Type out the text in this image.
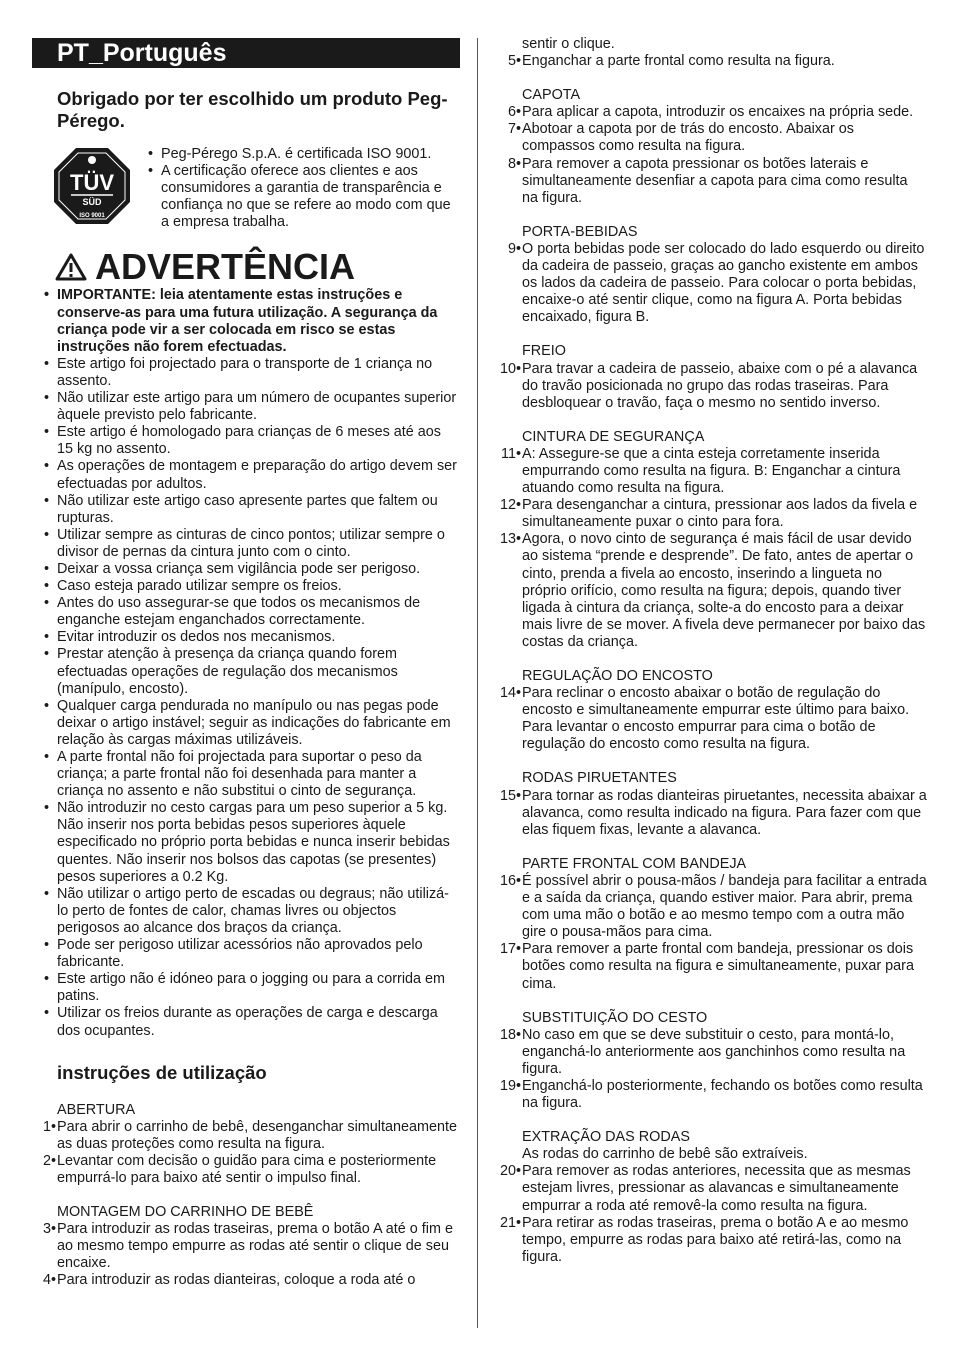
PT_Português
Obrigado por ter escolhido um produto Peg-Pérego.
TÜV
SÜD
ISO 9001
• Peg-Pérego S.p.A. é certificada ISO 9001.
• A certificação oferece aos clientes e aos consumidores a garantia de transparência e confiança no que se refere ao modo com que a empresa trabalha.
ADVERTÊNCIA
• IMPORTANTE: leia atentamente estas instruções e conserve-as para uma futura utilização. A segurança da criança pode vir a ser colocada em risco se estas instruções não forem efectuadas.
• Este artigo foi projectado para o transporte de 1 criança no assento.
• Não utilizar este artigo para um número de ocupantes superior àquele previsto pelo fabricante.
• Este artigo é homologado para crianças de 6 meses até aos 15 kg no assento.
• As operações de montagem e preparação do artigo devem ser efectuadas por adultos.
• Não utilizar este artigo caso apresente partes que faltem ou rupturas.
• Utilizar sempre as cinturas de cinco pontos; utilizar sempre o divisor de pernas da cintura junto com o cinto.
• Deixar a vossa criança sem vigilância pode ser perigoso.
• Caso esteja parado utilizar sempre os freios.
• Antes do uso assegurar-se que todos os mecanismos de enganche estejam enganchados correctamente.
• Evitar introduzir os dedos nos mecanismos.
• Prestar atenção à presença da criança quando forem efectuadas operações de regulação dos mecanismos (manípulo, encosto).
• Qualquer carga pendurada no manípulo ou nas pegas pode deixar o artigo instável; seguir as indicações do fabricante em relação às cargas máximas utilizáveis.
• A parte frontal não foi projectada para suportar o peso da criança; a parte frontal não foi desenhada para manter a criança no assento e não substitui o cinto de segurança.
• Não introduzir no cesto cargas para um peso superior a 5 kg. Não inserir nos porta bebidas pesos superiores àquele especificado no próprio porta bebidas e nunca inserir bebidas quentes. Não inserir nos bolsos das capotas (se presentes) pesos superiores a 0.2 Kg.
• Não utilizar o artigo perto de escadas ou degraus; não utilizá-lo perto de fontes de calor, chamas livres ou objectos perigosos ao alcance dos braços da criança.
• Pode ser perigoso utilizar acessórios não aprovados pelo fabricante.
• Este artigo não é idóneo para o jogging ou para a corrida em patins.
• Utilizar os freios durante as operações de carga e descarga dos ocupantes.
instruções de utilização
ABERTURA
1• Para abrir o carrinho de bebê, desenganchar simultaneamente as duas proteções como resulta na figura.
2• Levantar com decisão o guidão para cima e posteriormente empurrá-lo para baixo até sentir o impulso final.
MONTAGEM DO CARRINHO DE BEBÊ
3• Para introduzir as rodas traseiras, prema o botão A até o fim e ao mesmo tempo empurre as rodas até sentir o clique de seu encaixe.
4• Para introduzir as rodas dianteiras, coloque a roda até o
sentir o clique.
5• Enganchar a parte frontal como resulta na figura.
CAPOTA
6• Para aplicar a capota, introduzir os encaixes na própria sede.
7• Abotoar a capota por de trás do encosto. Abaixar os compassos como resulta na figura.
8• Para remover a capota pressionar os botões laterais e simultaneamente desenfiar a capota para cima como resulta na figura.
PORTA-BEBIDAS
9• O porta bebidas pode ser colocado do lado esquerdo ou direito da cadeira de passeio, graças ao gancho existente em ambos os lados da cadeira de passeio. Para colocar o porta bebidas, encaixe-o até sentir clique, como na figura A. Porta bebidas encaixado, figura B.
FREIO
10• Para travar a cadeira de passeio, abaixe com o pé a alavanca do travão posicionada no grupo das rodas traseiras. Para desbloquear o travão, faça o mesmo no sentido inverso.
CINTURA DE SEGURANÇA
11• A: Assegure-se que a cinta esteja corretamente inserida empurrando como resulta na figura. B: Enganchar a cintura atuando como resulta na figura.
12• Para desenganchar a cintura, pressionar aos lados da fivela e simultaneamente puxar o cinto para fora.
13• Agora, o novo cinto de segurança é mais fácil de usar devido ao sistema “prende e desprende”. De fato, antes de apertar o cinto, prenda a fivela ao encosto, inserindo a lingueta no próprio orifício, como resulta na figura; depois, quando tiver ligada à cintura da criança, solte-a do encosto para a deixar mais livre de se mover. A fivela deve permanecer por baixo das costas da criança.
REGULAÇÃO DO ENCOSTO
14• Para reclinar o encosto abaixar o botão de regulação do encosto e simultaneamente empurrar este último para baixo. Para levantar o encosto empurrar para cima o botão de regulação do encosto como resulta na figura.
RODAS PIRUETANTES
15• Para tornar as rodas dianteiras piruetantes, necessita abaixar a alavanca, como resulta indicado na figura. Para fazer com que elas fiquem fixas, levante a alavanca.
PARTE FRONTAL COM BANDEJA
16• É possível abrir o pousa-mãos / bandeja para facilitar a entrada e a saída da criança, quando estiver maior. Para abrir, prema com uma mão o botão e ao mesmo tempo com a outra mão gire o pousa-mãos para cima.
17• Para remover a parte frontal com bandeja, pressionar os dois botões como resulta na figura e simultaneamente, puxar para cima.
SUBSTITUIÇÃO DO CESTO
18• No caso em que se deve substituir o cesto, para montá-lo, enganchá-lo anteriormente aos ganchinhos como resulta na figura.
19• Enganchá-lo posteriormente, fechando os botões como resulta na figura.
EXTRAÇÃO DAS RODAS
As rodas do carrinho de bebê são extraíveis.
20• Para remover as rodas anteriores, necessita que as mesmas estejam livres, pressionar as alavancas e simultaneamente empurrar a roda até removê-la como resulta na figura.
21• Para retirar as rodas traseiras, prema o botão A e ao mesmo tempo, empurre as rodas para baixo até retirá-las, como na figura.
